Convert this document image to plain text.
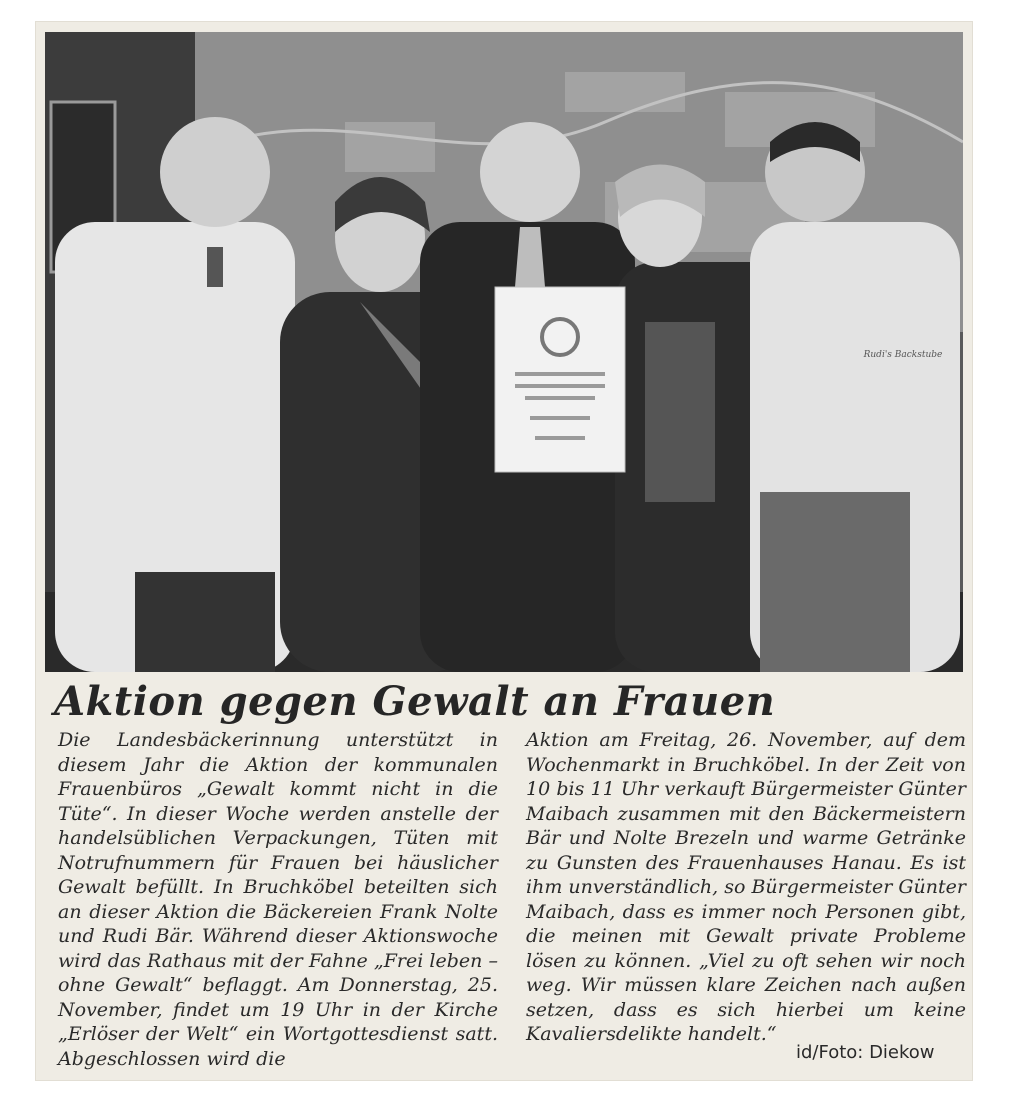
Rudi's Backstube
Aktion gegen Gewalt an Frauen
Die Landesbäckerinnung unterstützt in diesem Jahr die Aktion der kommunalen Frauenbüros „Gewalt kommt nicht in die Tüte“. In dieser Woche werden anstelle der handelsüblichen Verpackungen, Tüten mit Notrufnummern für Frauen bei häuslicher Gewalt befüllt. In Bruchköbel beteilten sich an dieser Aktion die Bäckereien Frank Nolte und Rudi Bär. Während dieser Aktionswoche wird das Rathaus mit der Fahne „Frei leben – ohne Gewalt“ beflaggt. Am Donnerstag, 25. November, findet um 19 Uhr in der Kirche „Erlöser der Welt“ ein Wortgottesdienst satt. Abgeschlossen wird die
Aktion am Freitag, 26. November, auf dem Wochenmarkt in Bruchköbel. In der Zeit von 10 bis 11 Uhr verkauft Bürgermeister Günter Maibach zusammen mit den Bäckermeistern Bär und Nolte Brezeln und warme Getränke zu Gunsten des Frauenhauses Hanau. Es ist ihm unverständlich, so Bürgermeister Günter Maibach, dass es immer noch Personen gibt, die meinen mit Gewalt private Probleme lösen zu können. „Viel zu oft sehen wir noch weg. Wir müssen klare Zeichen nach außen setzen, dass es sich hierbei um keine Kavaliersdelikte handelt.“
id/Foto: Diekow
